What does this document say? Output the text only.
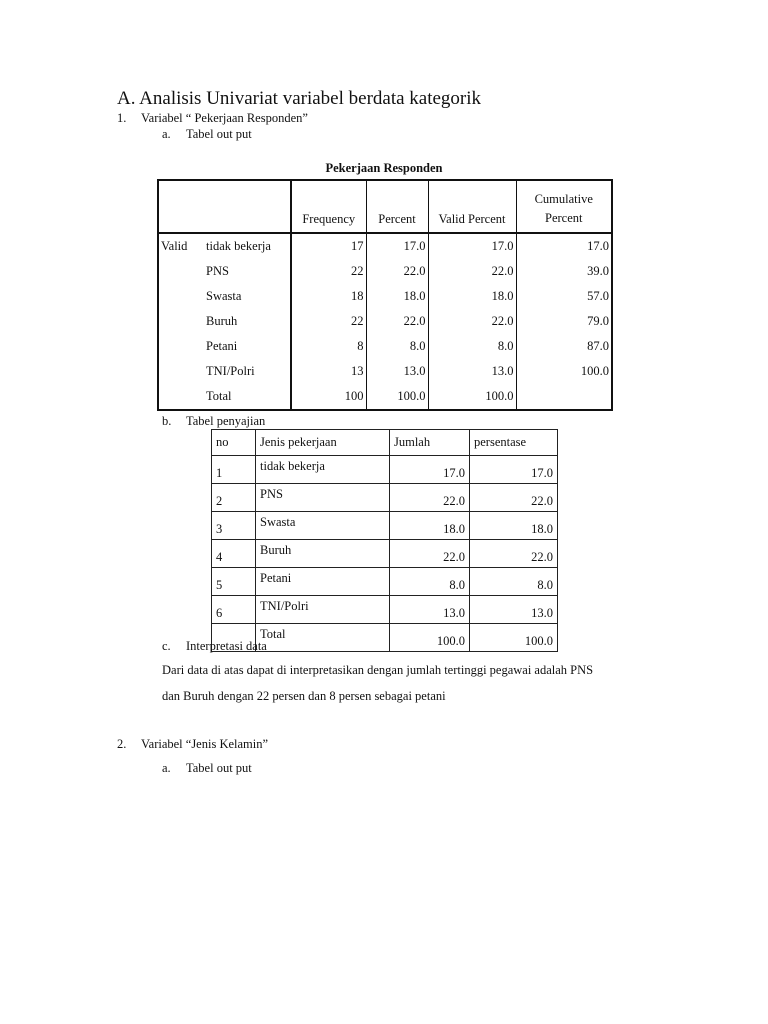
A. Analisis Univariat variabel berdata kategorik
1. Variabel “ Pekerjaan Responden”
a. Tabel out put
Pekerjaan Responden
		Frequency	Percent	Valid Percent	Cumulative
Percent
Valid	tidak bekerja	17	17.0	17.0	17.0
	PNS	22	22.0	22.0	39.0
	Swasta	18	18.0	18.0	57.0
	Buruh	22	22.0	22.0	79.0
	Petani	8	8.0	8.0	87.0
	TNI/Polri	13	13.0	13.0	100.0
	Total	100	100.0	100.0	
b. Tabel penyajian
no	Jenis pekerjaan	Jumlah	persentase
1	tidak bekerja	17.0	17.0
2	PNS	22.0	22.0
3	Swasta	18.0	18.0
4	Buruh	22.0	22.0
5	Petani	8.0	8.0
6	TNI/Polri	13.0	13.0
	Total	100.0	100.0
c. Interpretasi data
Dari data di atas dapat di interpretasikan dengan jumlah tertinggi pegawai adalah PNS
dan Buruh dengan 22 persen dan 8 persen sebagai petani
2. Variabel “Jenis Kelamin”
a. Tabel out put
